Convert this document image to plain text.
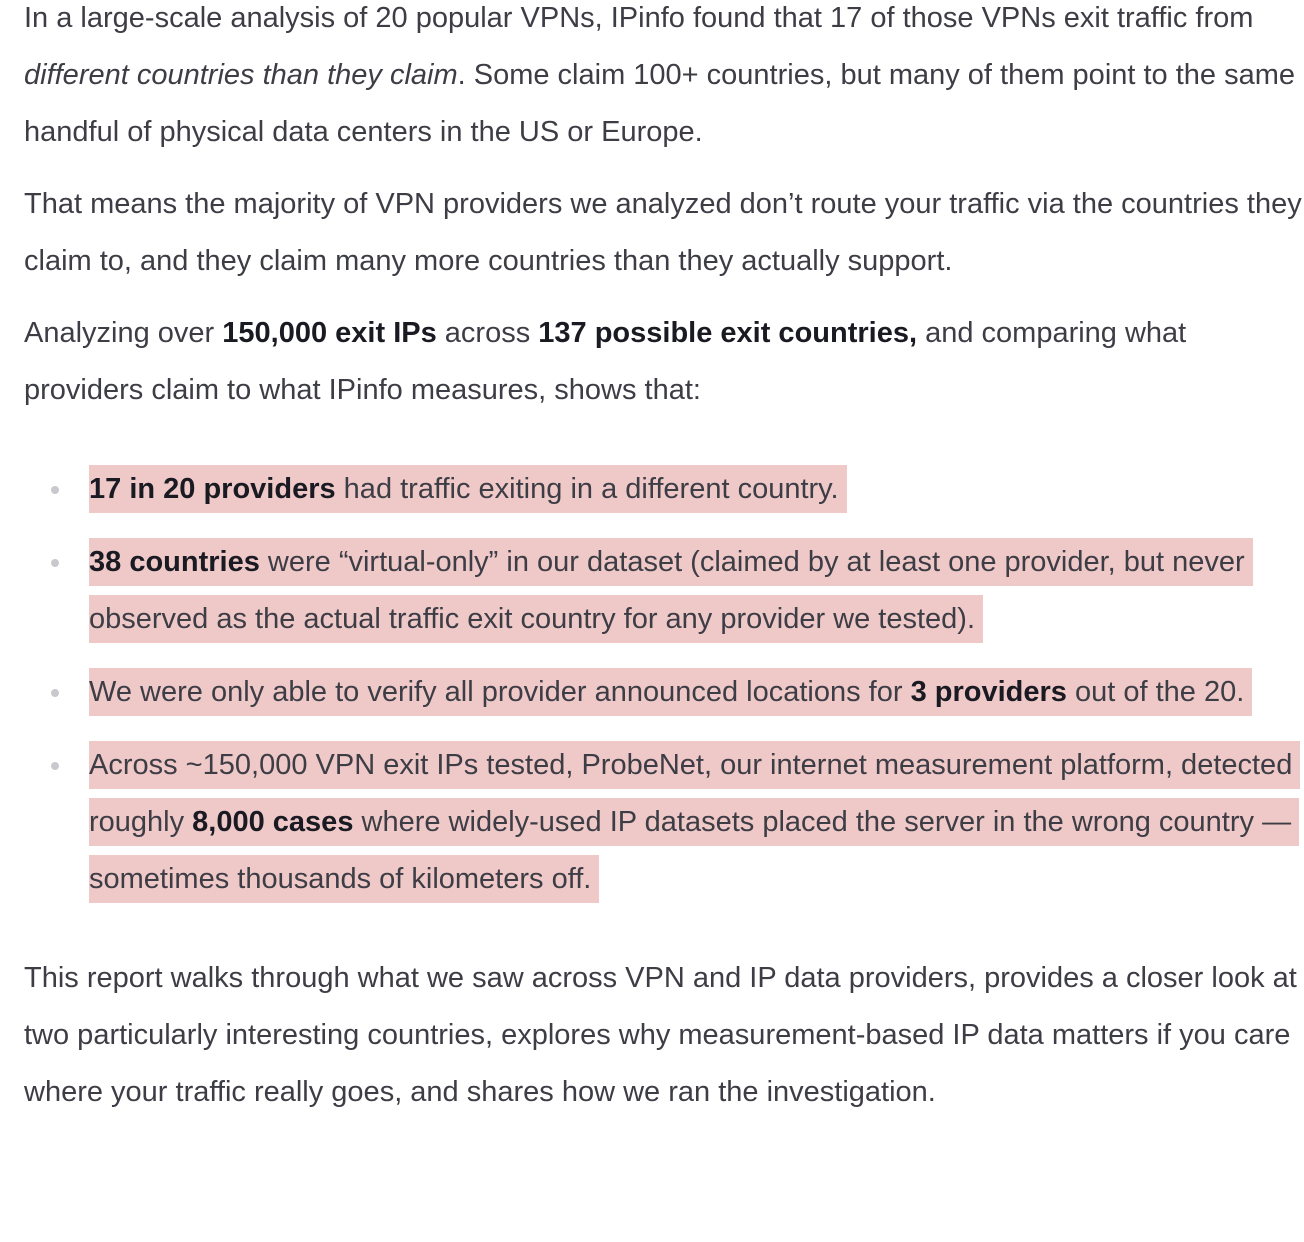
In a large-scale analysis of 20 popular VPNs, IPinfo found that 17 of those VPNs exit traffic from different countries than they claim. Some claim 100+ countries, but many of them point to the same handful of physical data centers in the US or Europe.

That means the majority of VPN providers we analyzed don’t route your traffic via the countries they claim to, and they claim many more countries than they actually support.

Analyzing over 150,000 exit IPs across 137 possible exit countries, and comparing what providers claim to what IPinfo measures, shows that:

17 in 20 providers had traffic exiting in a different country.
38 countries were “virtual-only” in our dataset (claimed by at least one provider, but never observed as the actual traffic exit country for any provider we tested).
We were only able to verify all provider announced locations for 3 providers out of the 20.
Across ~150,000 VPN exit IPs tested, ProbeNet, our internet measurement platform, detected roughly 8,000 cases where widely-used IP datasets placed the server in the wrong country — sometimes thousands of kilometers off.

This report walks through what we saw across VPN and IP data providers, provides a closer look at two particularly interesting countries, explores why measurement-based IP data matters if you care where your traffic really goes, and shares how we ran the investigation.
